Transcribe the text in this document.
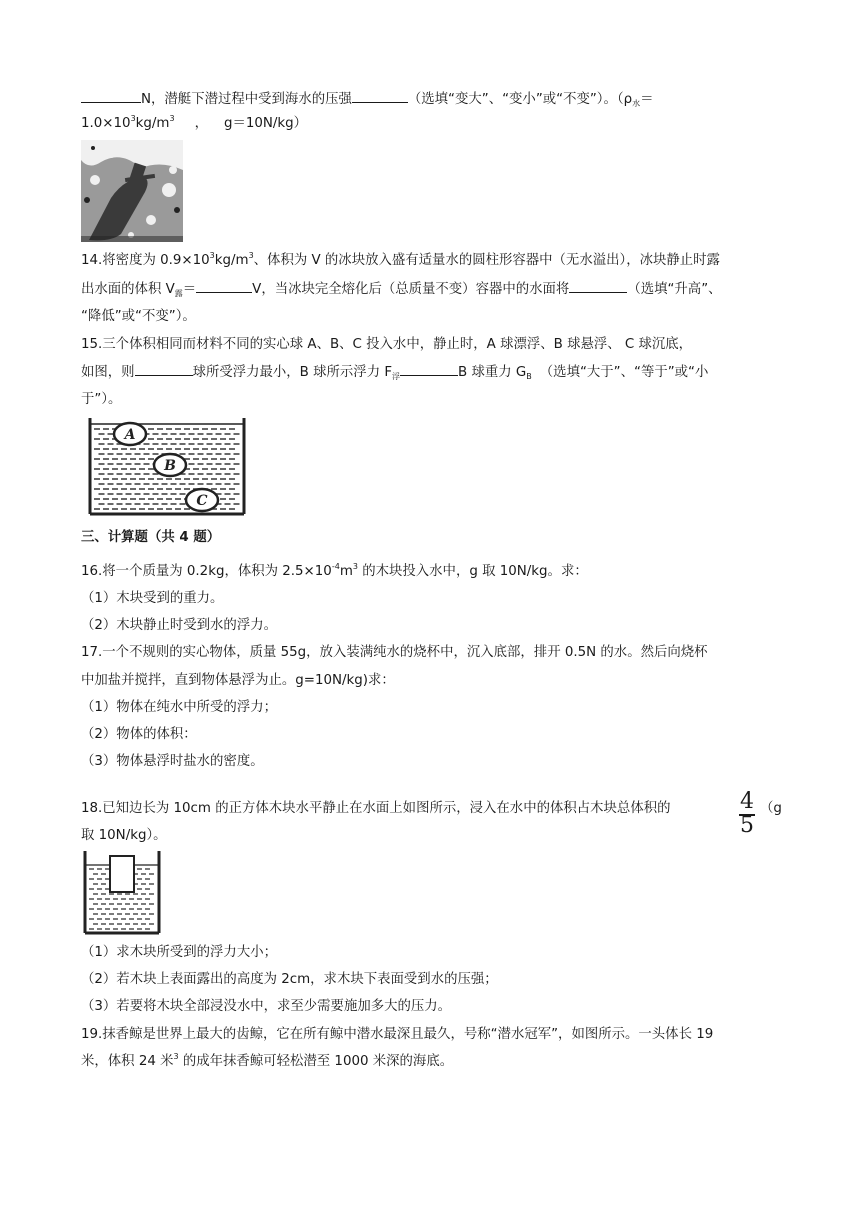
N，潜艇下潜过程中受到海水的压强	（选填“变大”、“变小”或“不变”）。（$\rho_水=$
$1.0\times 10^3kg/m^3$ ， g＝10N/kg）
14.将密度为 $0.9\times 10^3kg/m^3$、体积为 V 的冰块放入盛有适量水的圆柱形容器中（无水溢出），冰块静止时露
出水面的体积 $V_露=$	V，当冰块完全熔化后（总质量不变）容器中的水面将	（选填“升高”、
“降低”或“不变”）。
15.三个体积相同而材料不同的实心球 A、B、C 投入水中，静止时，A 球漂浮、B 球悬浮、 C 球沉底，
如图，则	球所受浮力最小，B 球所示浮力 $F_浮$	B 球重力 $G_B$ （选填“大于”、“等于”或“小
于”）。
A
B
C
三、计算题（共 4 题）
16.将一个质量为 0.2kg，体积为 $2.5\times 10^{-4}m^3$ 的木块投入水中，g 取 10N/kg。求：
（1）木块受到的重力。
（2）木块静止时受到水的浮力。
17.一个不规则的实心物体，质量 55g，放入装满纯水的烧杯中，沉入底部，排开 0.5N 的水。然后向烧杯
中加盐并搅拌，直到物体悬浮为止。g=10N/kg)求：
（1）物体在纯水中所受的浮力；
（2）物体的体积：
（3）物体悬浮时盐水的密度。
18.已知边长为 10cm 的正方体木块水平静止在水面上如图所示，浸入在水中的体积占木块总体积的	4
5
（g
取 10N/kg）。
（1）求木块所受到的浮力大小；
（2）若木块上表面露出的高度为 2cm，求木块下表面受到水的压强；
（3）若要将木块全部浸没水中，求至少需要施加多大的压力。
19.抹香鲸是世界上最大的齿鲸，它在所有鲸中潜水最深且最久，号称“潜水冠军”，如图所示。一头体长 19
米，体积 24 米$^3$ 的成年抹香鲸可轻松潜至 1000 米深的海底。
